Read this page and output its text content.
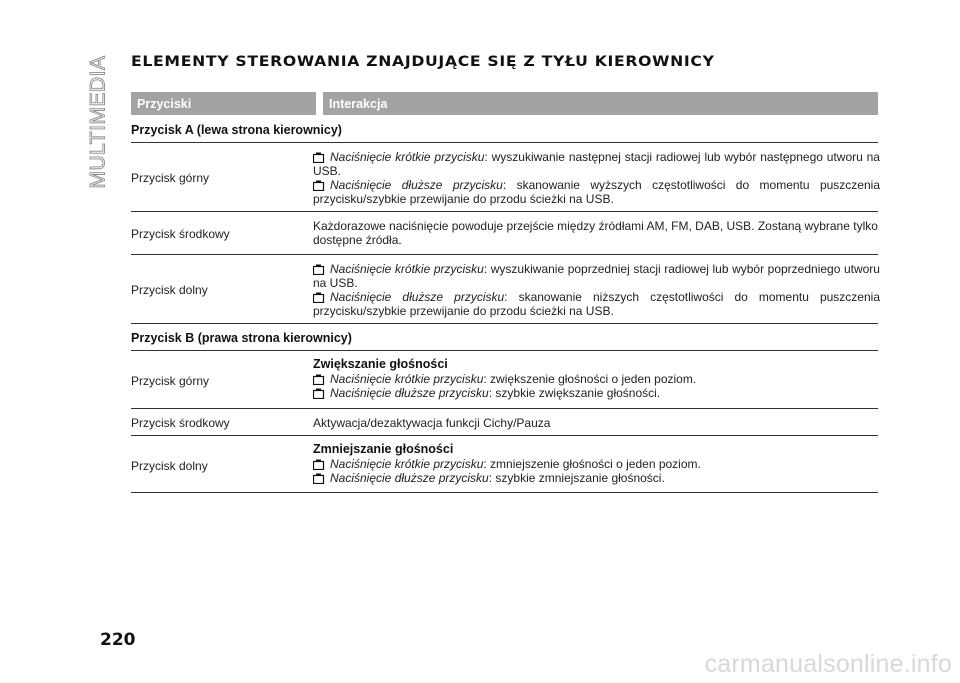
MULTIMEDIA ELEMENTY STEROWANIA ZNAJDUJĄCE SIĘ Z TYŁU KIEROWNICY
Przyciski	Interakcja
Przycisk A (lewa strona kierownicy)
Przycisk górny
Naciśnięcie krótkie przycisku: wyszukiwanie następnej stacji radiowej lub wybór następnego utworu na USB.
Naciśnięcie dłuższe przycisku: skanowanie wyższych częstotliwości do momentu puszczenia przycisku/szybkie przewijanie do przodu ścieżki na USB.
Przycisk środkowy
Każdorazowe naciśnięcie powoduje przejście między źródłami AM, FM, DAB, USB. Zostaną wybrane tylko dostępne źródła.
Przycisk dolny
Naciśnięcie krótkie przycisku: wyszukiwanie poprzedniej stacji radiowej lub wybór poprzedniego utworu na USB.
Naciśnięcie dłuższe przycisku: skanowanie niższych częstotliwości do momentu puszczenia przycisku/szybkie przewijanie do przodu ścieżki na USB.
Przycisk B (prawa strona kierownicy)
Przycisk górny
Zwiększanie głośności
Naciśnięcie krótkie przycisku: zwiększenie głośności o jeden poziom.
Naciśnięcie dłuższe przycisku: szybkie zwiększanie głośności.
Przycisk środkowy	Aktywacja/dezaktywacja funkcji Cichy/Pauza
Przycisk dolny
Zmniejszanie głośności
Naciśnięcie krótkie przycisku: zmniejszenie głośności o jeden poziom.
Naciśnięcie dłuższe przycisku: szybkie zmniejszanie głośności.
220
carmanualsonline.info
